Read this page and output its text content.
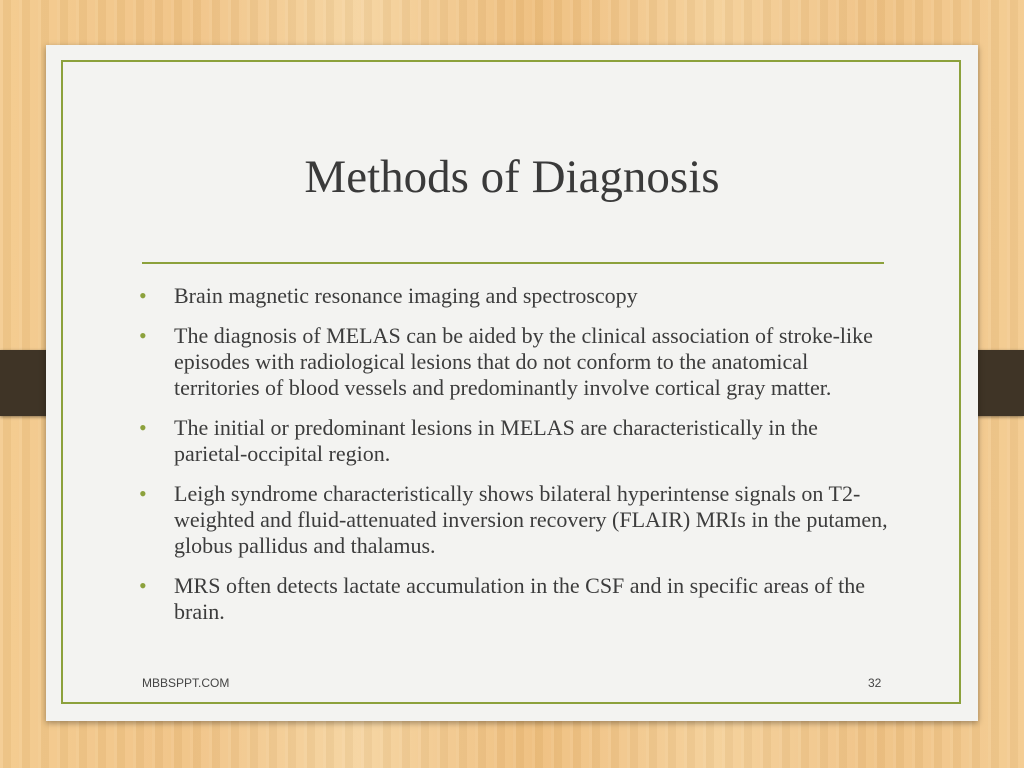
Methods of Diagnosis
• Brain magnetic resonance imaging and spectroscopy
• The diagnosis of MELAS can be aided by the clinical association of stroke-like episodes with radiological lesions that do not conform to the anatomical territories of blood vessels and predominantly involve cortical gray matter.
• The initial or predominant lesions in MELAS are characteristically in the parietal-occipital region.
• Leigh syndrome characteristically shows bilateral hyperintense signals on T2-weighted and fluid-attenuated inversion recovery (FLAIR) MRIs in the putamen, globus pallidus and thalamus.
• MRS often detects lactate accumulation in the CSF and in specific areas of the brain.
MBBSPPT.COM	32
